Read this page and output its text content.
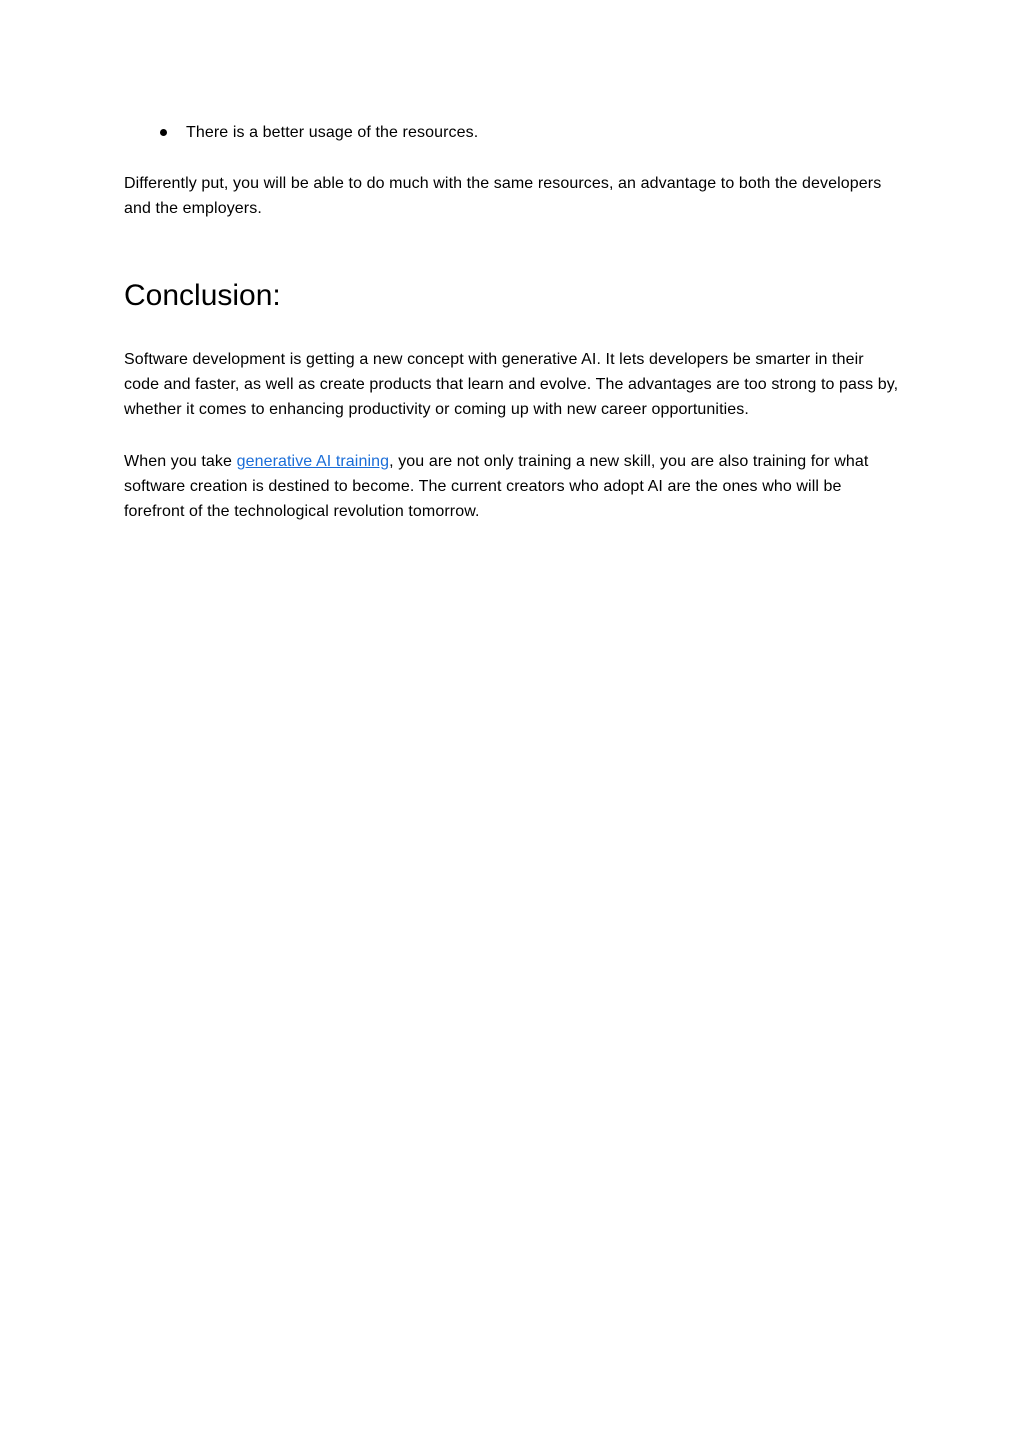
There is a better usage of the resources.

Differently put, you will be able to do much with the same resources, an advantage to both the developers and the employers.

Conclusion:

Software development is getting a new concept with generative AI. It lets developers be smarter in their code and faster, as well as create products that learn and evolve. The advantages are too strong to pass by, whether it comes to enhancing productivity or coming up with new career opportunities.

When you take generative AI training, you are not only training a new skill, you are also training for what software creation is destined to become. The current creators who adopt AI are the ones who will be forefront of the technological revolution tomorrow.
